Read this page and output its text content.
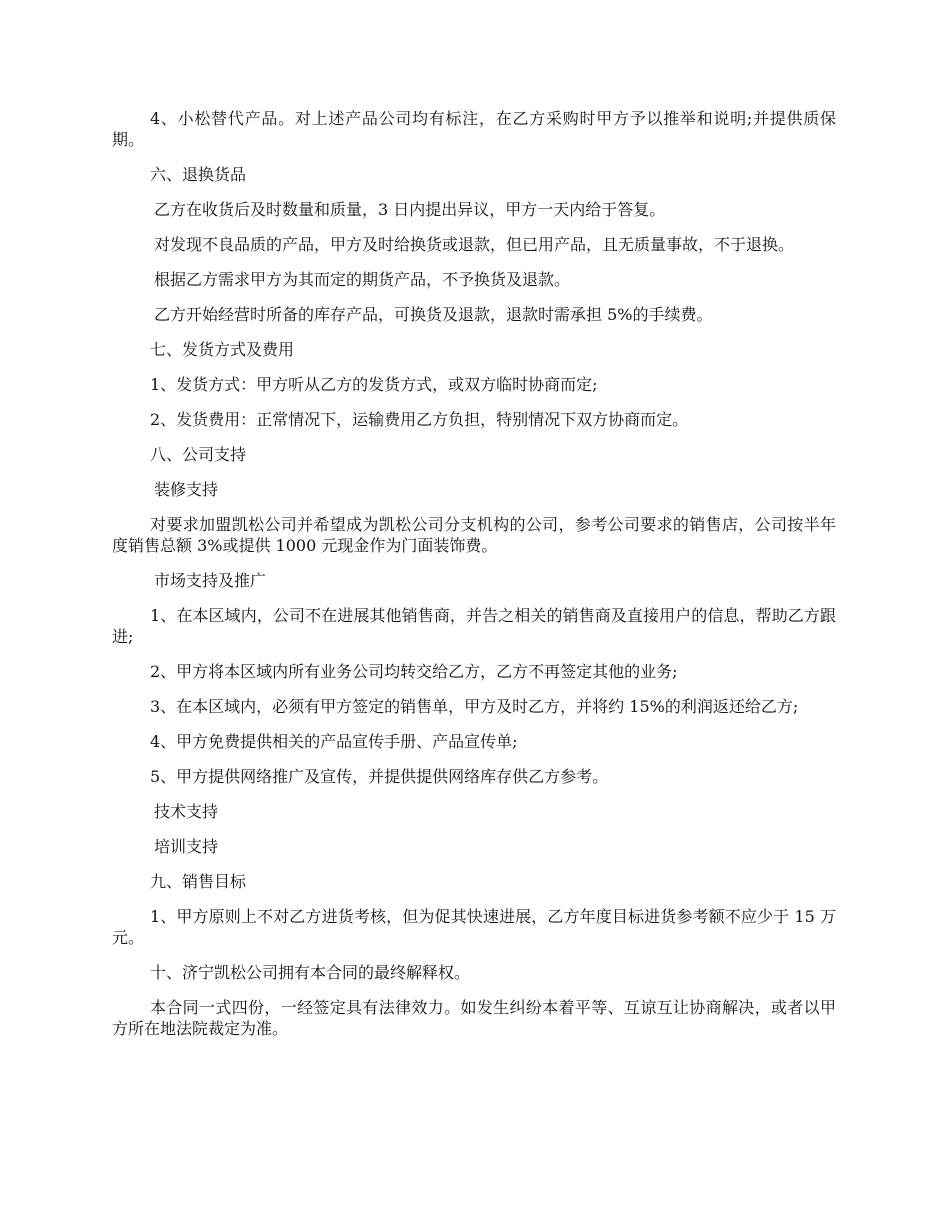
4、小松替代产品。对上述产品公司均有标注，在乙方采购时甲方予以推举和说明;并提供质保期。

六、退换货品

乙方在收货后及时数量和质量，3 日内提出异议，甲方一天内给于答复。

对发现不良品质的产品，甲方及时给换货或退款，但已用产品，且无质量事故，不于退换。

根据乙方需求甲方为其而定的期货产品，不予换货及退款。

乙方开始经营时所备的库存产品，可换货及退款，退款时需承担 5%的手续费。

七、发货方式及费用

1、发货方式：甲方听从乙方的发货方式，或双方临时协商而定;

2、发货费用：正常情况下，运输费用乙方负担，特别情况下双方协商而定。

八、公司支持

装修支持

对要求加盟凯松公司并希望成为凯松公司分支机构的公司，参考公司要求的销售店，公司按半年度销售总额 3%或提供 1000 元现金作为门面装饰费。

市场支持及推广

1、在本区域内，公司不在进展其他销售商，并告之相关的销售商及直接用户的信息，帮助乙方跟进;

2、甲方将本区域内所有业务公司均转交给乙方，乙方不再签定其他的业务;

3、在本区域内，必须有甲方签定的销售单，甲方及时乙方，并将约 15%的利润返还给乙方;

4、甲方免费提供相关的产品宣传手册、产品宣传单;

5、甲方提供网络推广及宣传，并提供提供网络库存供乙方参考。

技术支持

培训支持

九、销售目标

1、甲方原则上不对乙方进货考核，但为促其快速进展，乙方年度目标进货参考额不应少于 15 万元。

十、济宁凯松公司拥有本合同的最终解释权。

本合同一式四份，一经签定具有法律效力。如发生纠纷本着平等、互谅互让协商解决，或者以甲方所在地法院裁定为准。
